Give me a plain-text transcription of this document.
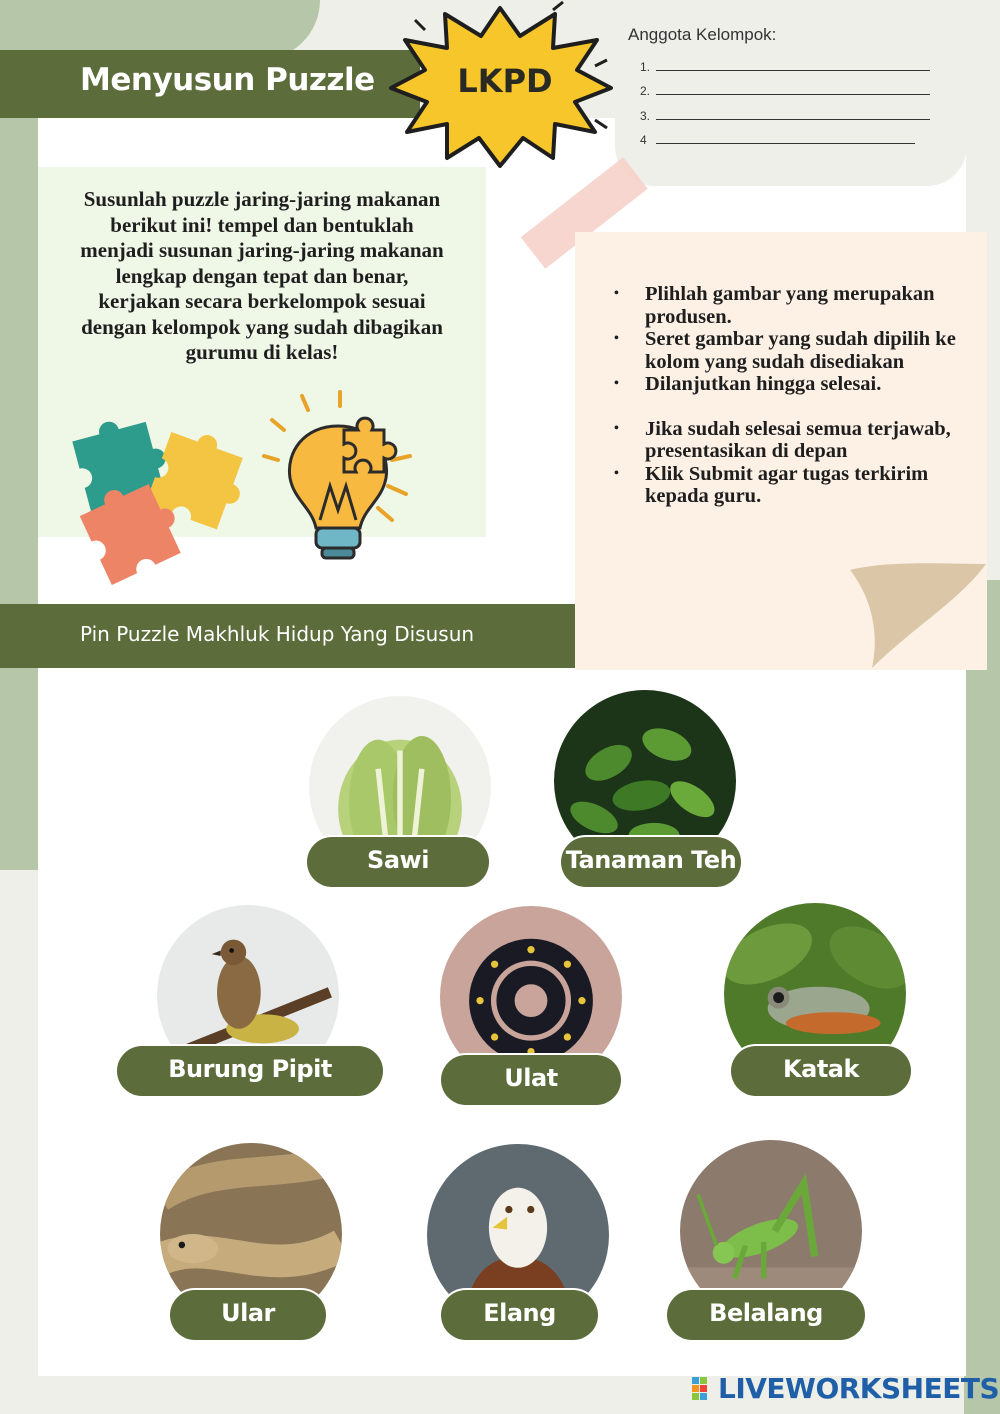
Menyusun Puzzle	LKPD
Anggota Kelompok:
1.
2.
3.
4
Susunlah puzzle jaring-jaring makanan berikut ini! tempel dan bentuklah menjadi susunan jaring-jaring makanan lengkap dengan tepat dan benar, kerjakan secara berkelompok sesuai dengan kelompok yang sudah dibagikan gurumu di kelas!
• Plihlah gambar yang merupakan produsen.
• Seret gambar yang sudah dipilih ke kolom yang sudah disediakan
• Dilanjutkan hingga selesai.
• Jika sudah selesai semua terjawab, presentasikan di depan
• Klik Submit agar tugas terkirim kepada guru.
Pin Puzzle Makhluk Hidup Yang Disusun
Sawi	Tanaman Teh
Burung Pipit	Ulat	Katak
Ular	Elang	Belalang
LIVEWORKSHEETS
